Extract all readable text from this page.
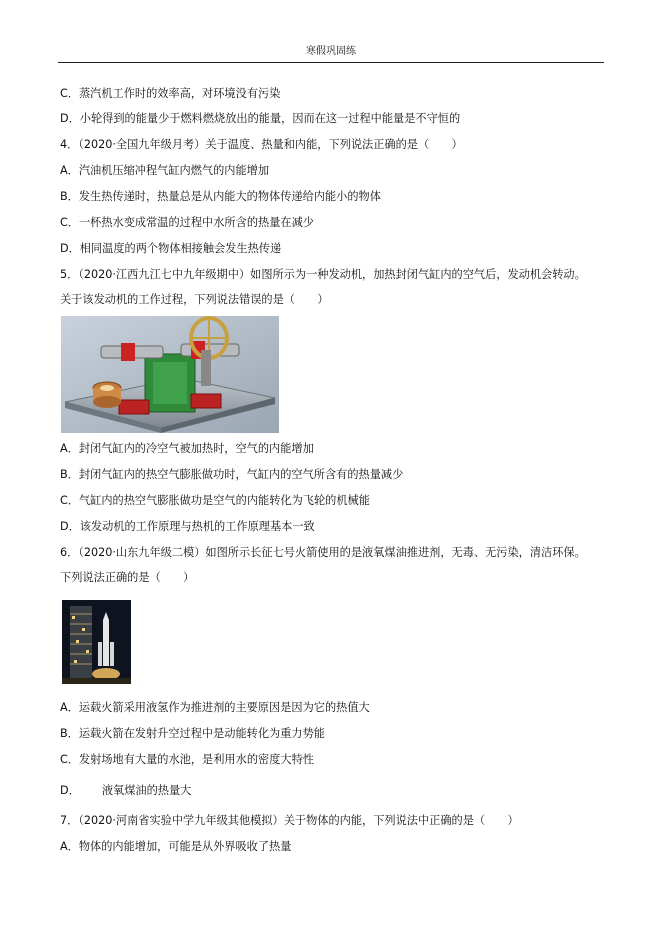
寒假巩固练
C．蒸汽机工作时的效率高，对环境没有污染
D．小轮得到的能量少于燃料燃烧放出的能量，因而在这一过程中能量是不守恒的
4．（2020·全国九年级月考）关于温度、热量和内能，下列说法正确的是（　　）
A．汽油机压缩冲程气缸内燃气的内能增加
B．发生热传递时，热量总是从内能大的物体传递给内能小的物体
C．一杯热水变成常温的过程中水所含的热量在减少
D．相同温度的两个物体相接触会发生热传递
5．（2020·江西九江七中九年级期中）如图所示为一种发动机，加热封闭气缸内的空气后，发动机会转动。
关于该发动机的工作过程，下列说法错误的是（　　）
A．封闭气缸内的冷空气被加热时，空气的内能增加
B．封闭气缸内的热空气膨胀做功时，气缸内的空气所含有的热量减少
C．气缸内的热空气膨胀做功是空气的内能转化为飞轮的机械能
D．该发动机的工作原理与热机的工作原理基本一致
6．（2020·山东九年级二模）如图所示长征七号火箭使用的是液氧煤油推进剂，无毒、无污染，清洁环保。
下列说法正确的是（　　）
A．运载火箭采用液氢作为推进剂的主要原因是因为它的热值大
B．运载火箭在发射升空过程中是动能转化为重力势能
C．发射场地有大量的水池，是利用水的密度大特性
D． 液氧煤油的热量大
7．（2020·河南省实验中学九年级其他模拟）关于物体的内能，下列说法中正确的是（　　）
A．物体的内能增加，可能是从外界吸收了热量
